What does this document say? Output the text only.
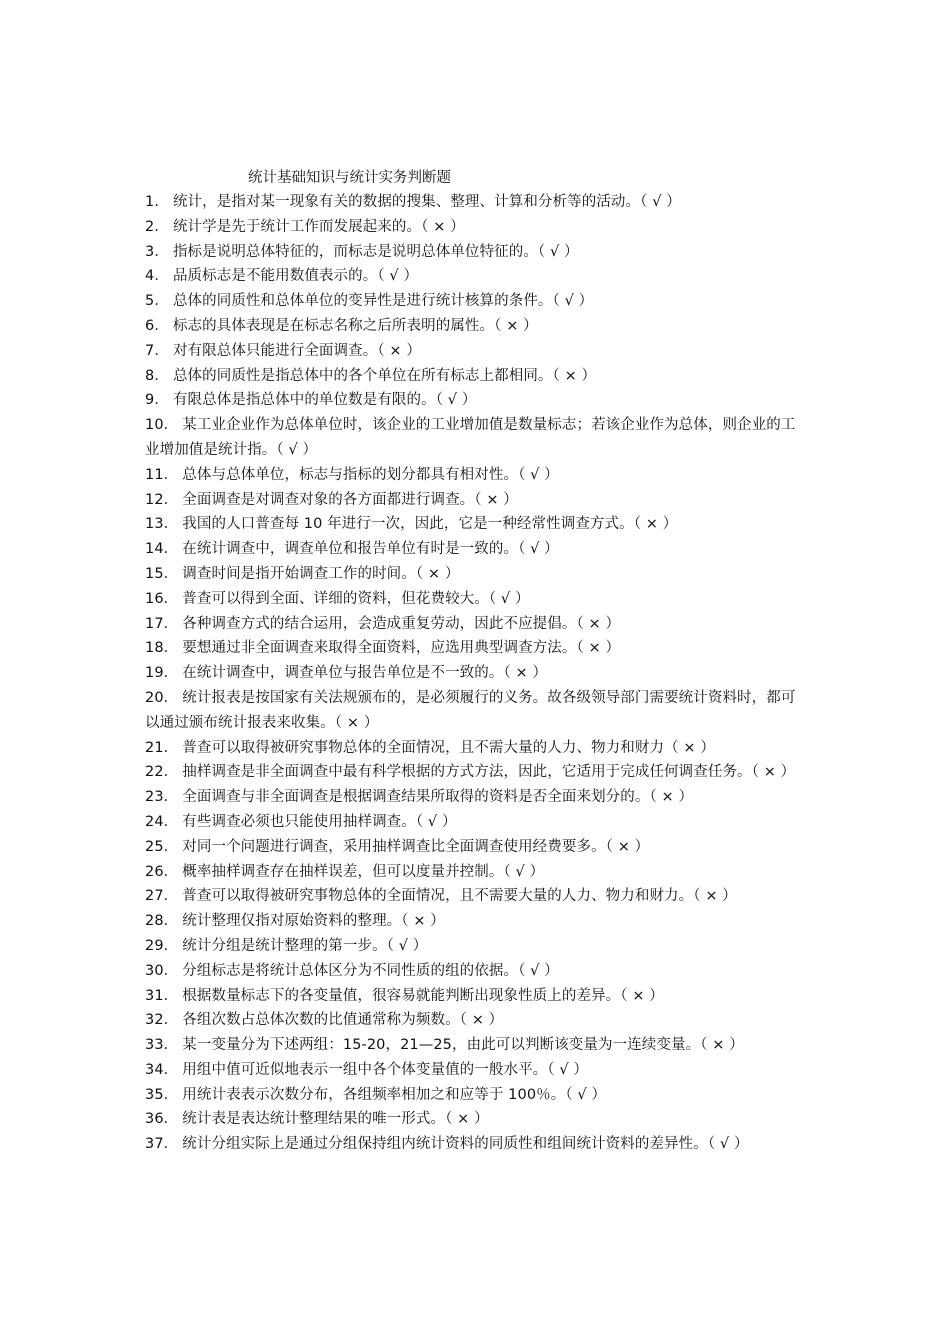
统计基础知识与统计实务判断题
1． 统计，是指对某一现象有关的数据的搜集、整理、计算和分析等的活动。（ √ ）
2． 统计学是先于统计工作而发展起来的。（ × ）
3． 指标是说明总体特征的，而标志是说明总体单位特征的。（ √ ）
4． 品质标志是不能用数值表示的。（ √ ）
5． 总体的同质性和总体单位的变异性是进行统计核算的条件。（ √ ）
6． 标志的具体表现是在标志名称之后所表明的属性。（ × ）
7． 对有限总体只能进行全面调查。（ × ）
8． 总体的同质性是指总体中的各个单位在所有标志上都相同。（ × ）
9． 有限总体是指总体中的单位数是有限的。（ √ ）
10． 某工业企业作为总体单位时，该企业的工业增加值是数量标志；若该企业作为总体，则企业的工业增加值是统计指。（ √ ）
11． 总体与总体单位，标志与指标的划分都具有相对性。（ √ ）
12． 全面调查是对调查对象的各方面都进行调查。（ × ）
13． 我国的人口普查每 10 年进行一次，因此，它是一种经常性调查方式。（ × ）
14． 在统计调查中，调查单位和报告单位有时是一致的。（ √ ）
15． 调查时间是指开始调查工作的时间。（ × ）
16． 普查可以得到全面、详细的资料，但花费较大。（ √ ）
17． 各种调查方式的结合运用，会造成重复劳动，因此不应提倡。（ × ）
18． 要想通过非全面调查来取得全面资料，应选用典型调查方法。（ × ）
19． 在统计调查中，调查单位与报告单位是不一致的。（ × ）
20． 统计报表是按国家有关法规颁布的，是必须履行的义务。故各级领导部门需要统计资料时，都可以通过颁布统计报表来收集。（ × ）
21． 普查可以取得被研究事物总体的全面情况，且不需大量的人力、物力和财力（ × ）
22． 抽样调查是非全面调查中最有科学根据的方式方法，因此，它适用于完成任何调查任务。（ × ）
23． 全面调查与非全面调查是根据调查结果所取得的资料是否全面来划分的。（ × ）
24． 有些调查必须也只能使用抽样调查。（ √ ）
25． 对同一个问题进行调查，采用抽样调查比全面调查使用经费要多。（ × ）
26． 概率抽样调查存在抽样误差，但可以度量并控制。（ √ ）
27． 普查可以取得被研究事物总体的全面情况，且不需要大量的人力、物力和财力。（ × ）
28． 统计整理仅指对原始资料的整理。（ × ）
29． 统计分组是统计整理的第一步。（ √ ）
30． 分组标志是将统计总体区分为不同性质的组的依据。（ √ ）
31． 根据数量标志下的各变量值，很容易就能判断出现象性质上的差异。（ × ）
32． 各组次数占总体次数的比值通常称为频数。（ × ）
33． 某一变量分为下述两组：15-20，21—25，由此可以判断该变量为一连续变量。（ × ）
34． 用组中值可近似地表示一组中各个体变量值的一般水平。（ √ ）
35． 用统计表表示次数分布，各组频率相加之和应等于 100％。（ √ ）
36． 统计表是表达统计整理结果的唯一形式。（ × ）
37． 统计分组实际上是通过分组保持组内统计资料的同质性和组间统计资料的差异性。（ √ ）
